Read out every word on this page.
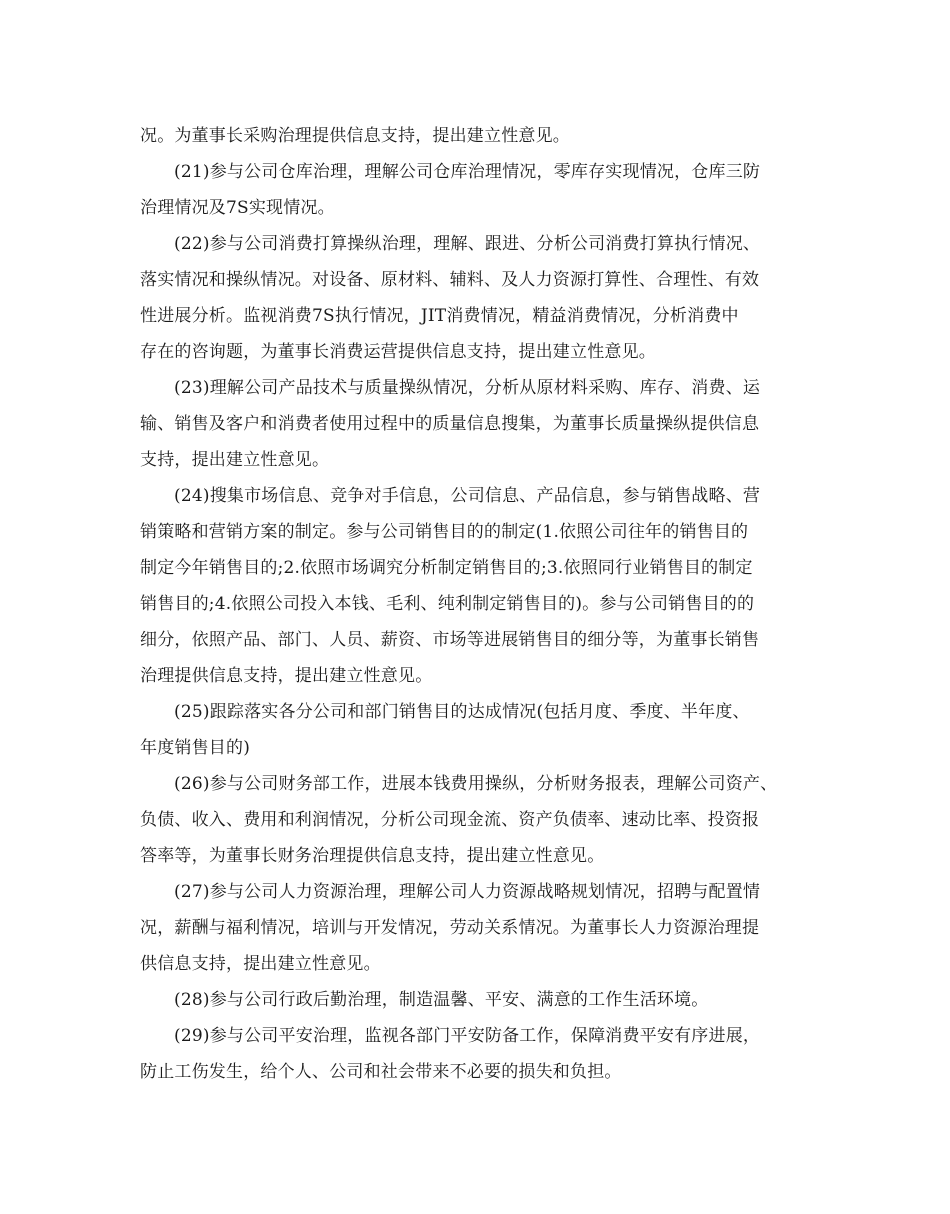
况。为董事长采购治理提供信息支持，提出建立性意见。
(21)参与公司仓库治理，理解公司仓库治理情况，零库存实现情况，仓库三防
治理情况及7S实现情况。
(22)参与公司消费打算操纵治理，理解、跟进、分析公司消费打算执行情况、
落实情况和操纵情况。对设备、原材料、辅料、及人力资源打算性、合理性、有效
性进展分析。监视消费7S执行情况，JIT消费情况，精益消费情况，分析消费中
存在的咨询题，为董事长消费运营提供信息支持，提出建立性意见。
(23)理解公司产品技术与质量操纵情况，分析从原材料采购、库存、消费、运
输、销售及客户和消费者使用过程中的质量信息搜集，为董事长质量操纵提供信息
支持，提出建立性意见。
(24)搜集市场信息、竞争对手信息，公司信息、产品信息，参与销售战略、营
销策略和营销方案的制定。参与公司销售目的的制定(1.依照公司往年的销售目的
制定今年销售目的;2.依照市场调究分析制定销售目的;3.依照同行业销售目的制定
销售目的;4.依照公司投入本钱、毛利、纯利制定销售目的)。参与公司销售目的的
细分，依照产品、部门、人员、薪资、市场等进展销售目的细分等，为董事长销售
治理提供信息支持，提出建立性意见。
(25)跟踪落实各分公司和部门销售目的达成情况(包括月度、季度、半年度、
年度销售目的)
(26)参与公司财务部工作，进展本钱费用操纵，分析财务报表，理解公司资产、
负债、收入、费用和利润情况，分析公司现金流、资产负债率、速动比率、投资报
答率等，为董事长财务治理提供信息支持，提出建立性意见。
(27)参与公司人力资源治理，理解公司人力资源战略规划情况，招聘与配置情
况，薪酬与福利情况，培训与开发情况，劳动关系情况。为董事长人力资源治理提
供信息支持，提出建立性意见。
(28)参与公司行政后勤治理，制造温馨、平安、满意的工作生活环境。
(29)参与公司平安治理，监视各部门平安防备工作，保障消费平安有序进展，
防止工伤发生，给个人、公司和社会带来不必要的损失和负担。
